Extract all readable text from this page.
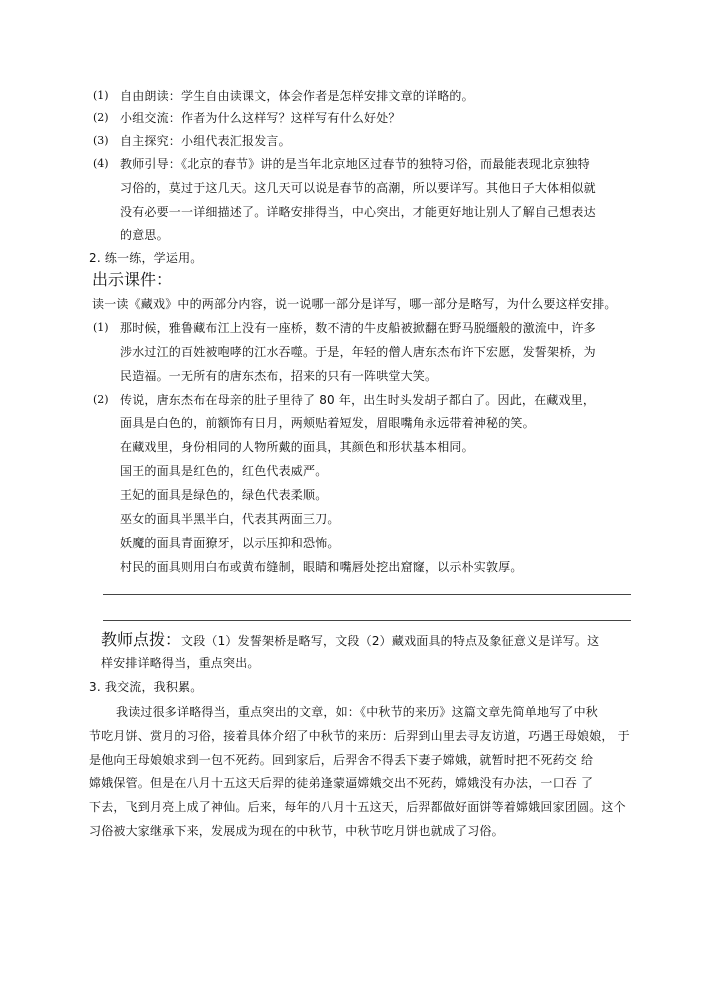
(1) 自由朗读：学生自由读课文，体会作者是怎样安排文章的详略的。
(2) 小组交流：作者为什么这样写？这样写有什么好处？
(3) 自主探究：小组代表汇报发言。
(4) 教师引导：《北京的春节》讲的是当年北京地区过春节的独特习俗，而最能表现北京独特
习俗的，莫过于这几天。这几天可以说是春节的高潮，所以要详写。其他日子大体相似就
没有必要一一详细描述了。详略安排得当，中心突出，才能更好地让别人了解自己想表达
的意思。
2. 练一练，学运用。
出示课件：
读一读《藏戏》中的两部分内容，说一说哪一部分是详写，哪一部分是略写，为什么要这样安排。
(1) 那时候，雅鲁藏布江上没有一座桥，数不清的牛皮船被掀翻在野马脱缰般的激流中，许多
涉水过江的百姓被咆哮的江水吞噬。于是，年轻的僧人唐东杰布许下宏愿，发誓架桥，为
民造福。一无所有的唐东杰布，招来的只有一阵哄堂大笑。
(2) 传说，唐东杰布在母亲的肚子里待了 80 年，出生时头发胡子都白了。因此，在藏戏里，
面具是白色的，前额饰有日月，两颊贴着短发，眉眼嘴角永远带着神秘的笑。
在藏戏里，身份相同的人物所戴的面具，其颜色和形状基本相同。
国王的面具是红色的，红色代表威严。
王妃的面具是绿色的，绿色代表柔顺。
巫女的面具半黑半白，代表其两面三刀。
妖魔的面具青面獠牙，以示压抑和恐怖。
村民的面具则用白布或黄布缝制，眼睛和嘴唇处挖出窟窿，以示朴实敦厚。
教师点拨： 文段（1）发誓架桥是略写，文段（2）藏戏面具的特点及象征意义是详写。这
样安排详略得当，重点突出。
3. 我交流，我积累。
我读过很多详略得当，重点突出的文章，如：《中秋节的来历》这篇文章先简单地写了中秋
节吃月饼、赏月的习俗，接着具体介绍了中秋节的来历：后羿到山里去寻友访道，巧遇王母娘娘， 于
是他向王母娘娘求到一包不死药。回到家后，后羿舍不得丢下妻子嫦娥，就暂时把不死药交 给
嫦娥保管。但是在八月十五这天后羿的徒弟逢蒙逼嫦娥交出不死药，嫦娥没有办法，一口吞 了
下去，飞到月亮上成了神仙。后来，每年的八月十五这天，后羿都做好面饼等着嫦娥回家团圆。这个
习俗被大家继承下来，发展成为现在的中秋节，中秋节吃月饼也就成了习俗。
